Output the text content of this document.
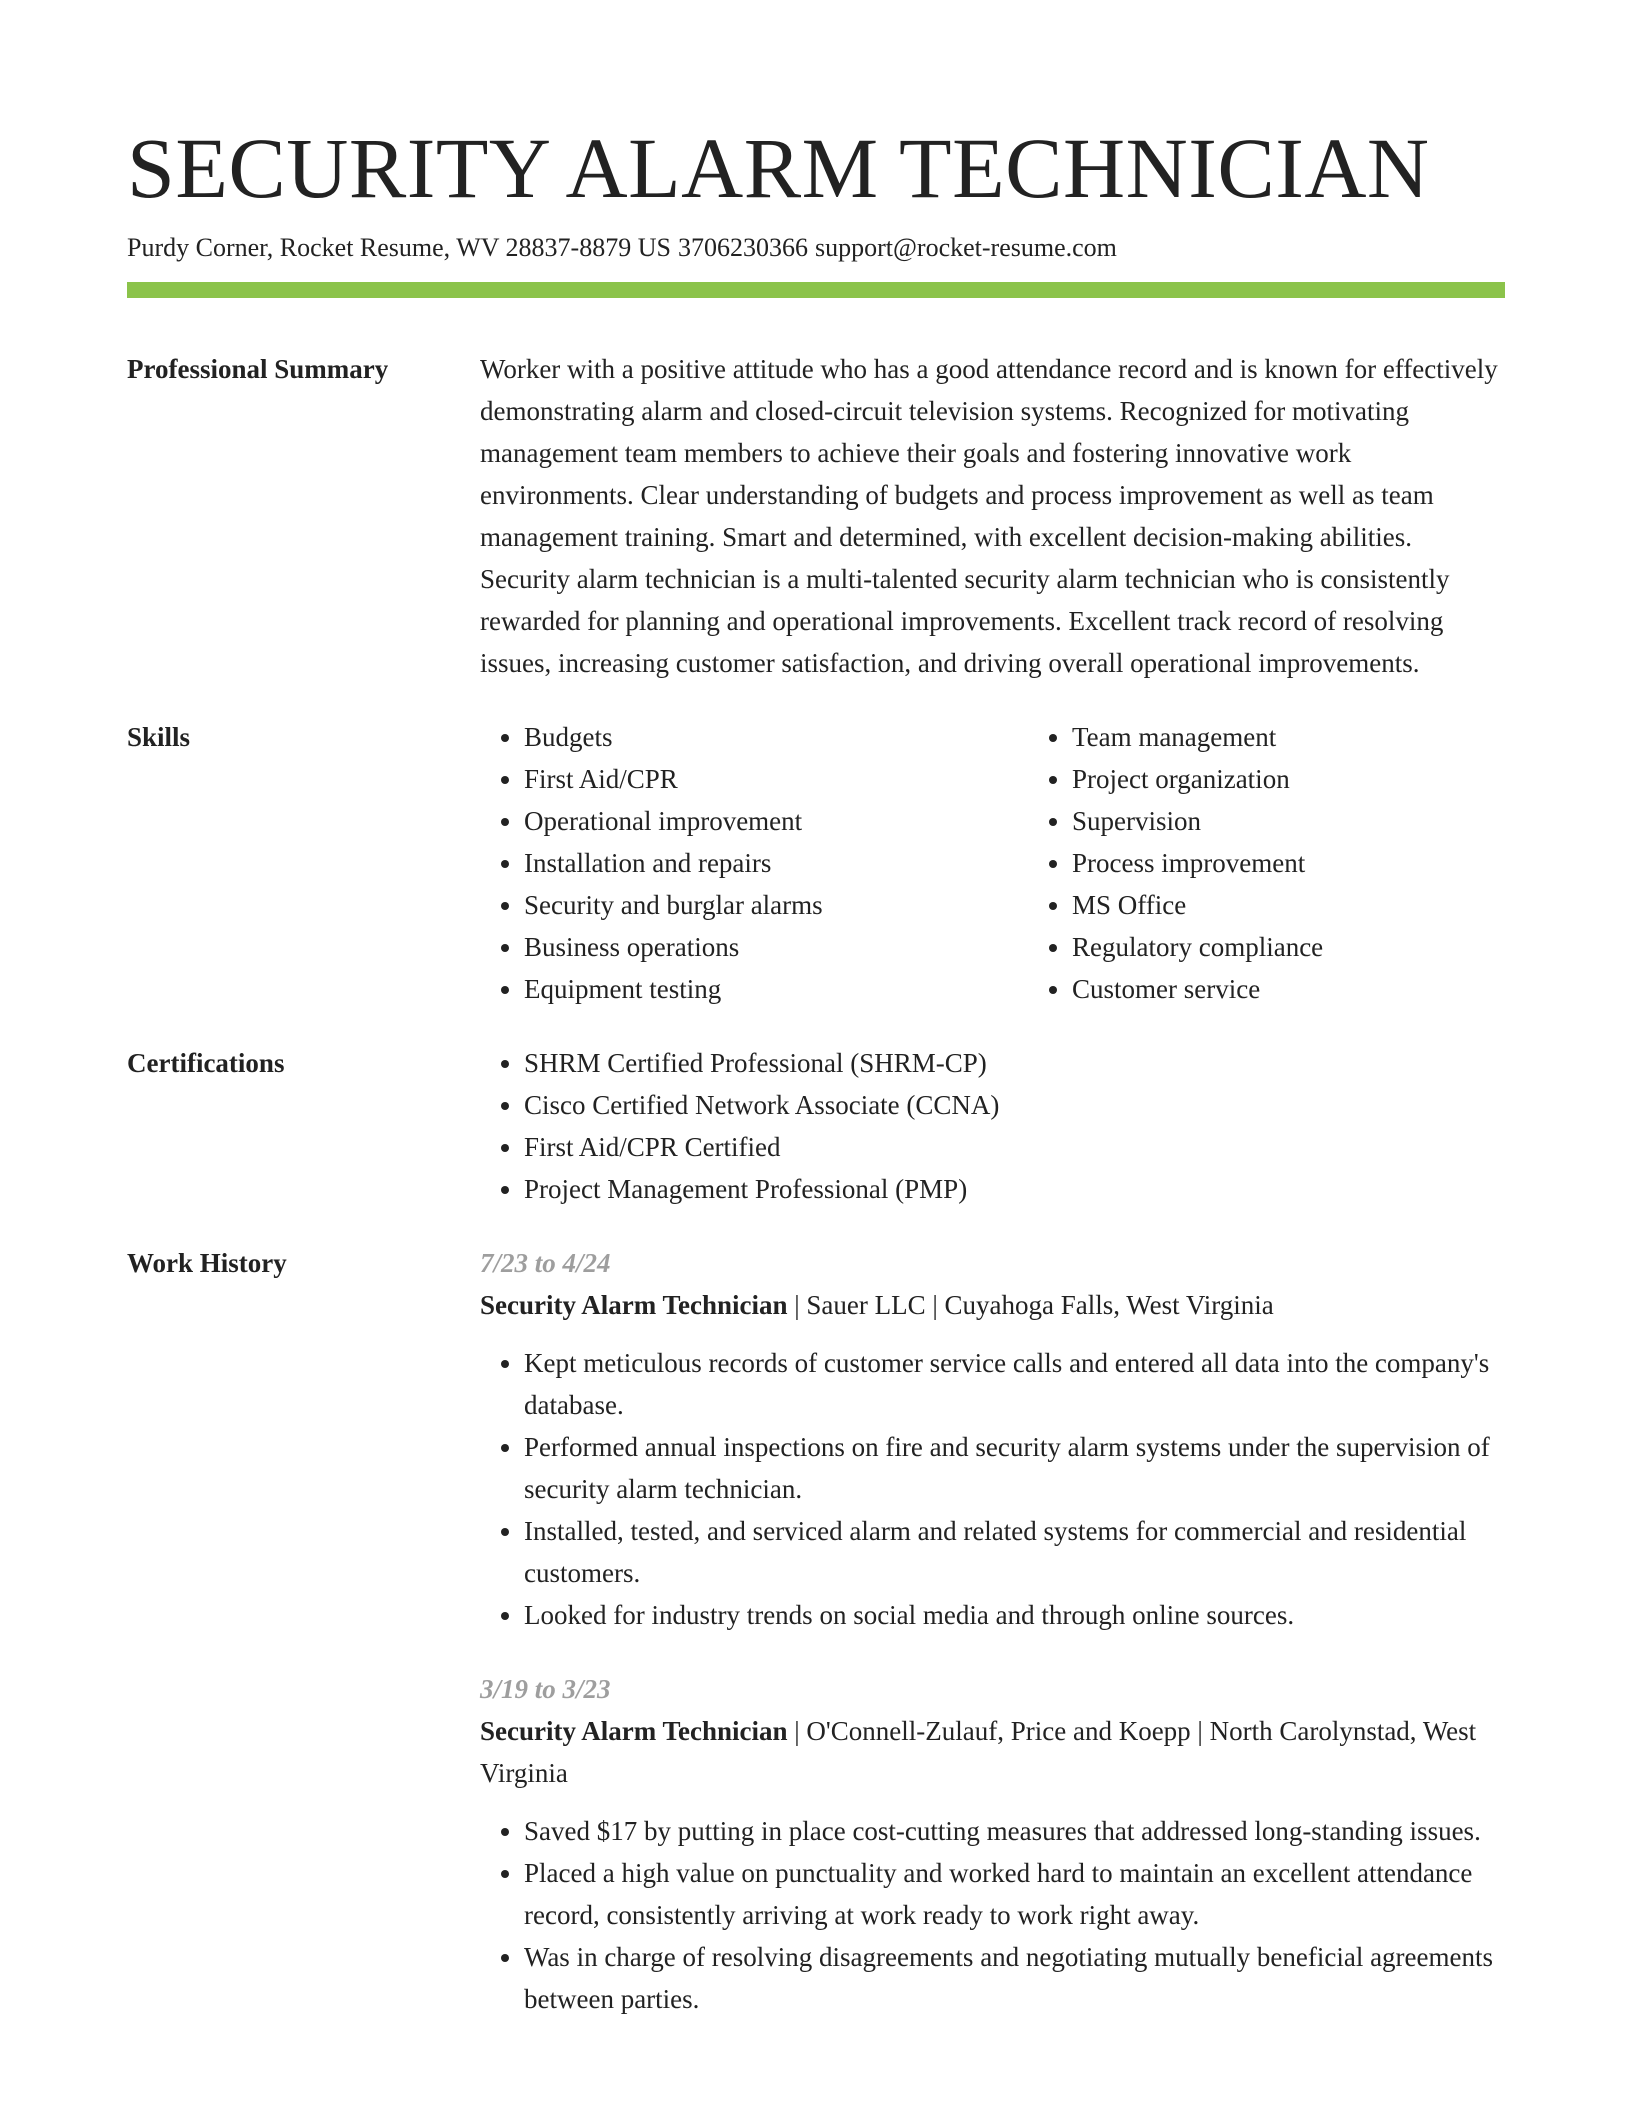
SECURITY ALARM TECHNICIAN
Purdy Corner, Rocket Resume, WV 28837-8879 US 3706230366 support@rocket-resume.com
Professional Summary	Worker with a positive attitude who has a good attendance record and is known for effectively demonstrating alarm and closed-circuit television systems. Recognized for motivating management team members to achieve their goals and fostering innovative work environments. Clear understanding of budgets and process improvement as well as team management training. Smart and determined, with excellent decision-making abilities. Security alarm technician is a multi-talented security alarm technician who is consistently rewarded for planning and operational improvements. Excellent track record of resolving issues, increasing customer satisfaction, and driving overall operational improvements.

Skills	• Budgets
• First Aid/CPR
• Operational improvement
• Installation and repairs
• Security and burglar alarms
• Business operations
• Equipment testing
• Team management
• Project organization
• Supervision
• Process improvement
• MS Office
• Regulatory compliance
• Customer service
Certifications	• SHRM Certified Professional (SHRM-CP)
• Cisco Certified Network Associate (CCNA)
• First Aid/CPR Certified
• Project Management Professional (PMP)
Work History	7/23 to 4/24

Security Alarm Technician | Sauer LLC | Cuyahoga Falls, West Virginia

• Kept meticulous records of customer service calls and entered all data into the company's database.
• Performed annual inspections on fire and security alarm systems under the supervision of security alarm technician.
• Installed, tested, and serviced alarm and related systems for commercial and residential customers.
• Looked for industry trends on social media and through online sources.
3/19 to 3/23

Security Alarm Technician | O'Connell-Zulauf, Price and Koepp | North Carolynstad, West Virginia

• Saved $17 by putting in place cost-cutting measures that addressed long-standing issues.
• Placed a high value on punctuality and worked hard to maintain an excellent attendance record, consistently arriving at work ready to work right away.
• Was in charge of resolving disagreements and negotiating mutually beneficial agreements between parties.
